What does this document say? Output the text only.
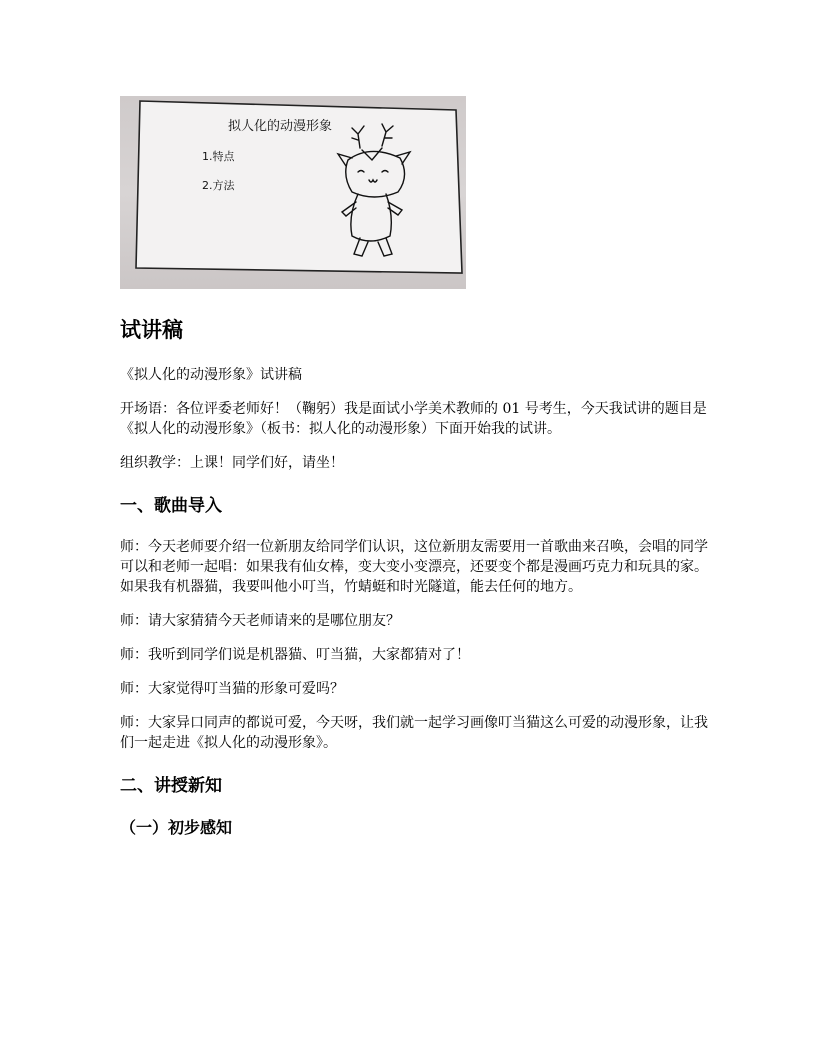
拟人化的动漫形象
1.特点
2.方法
试讲稿

《拟人化的动漫形象》试讲稿

开场语：各位评委老师好！（鞠躬）我是面试小学美术教师的 01 号考生，今天我试讲的题目是《拟人化的动漫形象》（板书：拟人化的动漫形象）下面开始我的试讲。

组织教学：上课！同学们好，请坐！

一、歌曲导入

师：今天老师要介绍一位新朋友给同学们认识，这位新朋友需要用一首歌曲来召唤，会唱的同学可以和老师一起唱：如果我有仙女棒，变大变小变漂亮，还要变个都是漫画巧克力和玩具的家。如果我有机器猫，我要叫他小叮当，竹蜻蜓和时光隧道，能去任何的地方。

师：请大家猜猜今天老师请来的是哪位朋友？

师：我听到同学们说是机器猫、叮当猫，大家都猜对了！

师：大家觉得叮当猫的形象可爱吗？

师：大家异口同声的都说可爱，今天呀，我们就一起学习画像叮当猫这么可爱的动漫形象，让我们一起走进《拟人化的动漫形象》。

二、讲授新知
（一）初步感知
